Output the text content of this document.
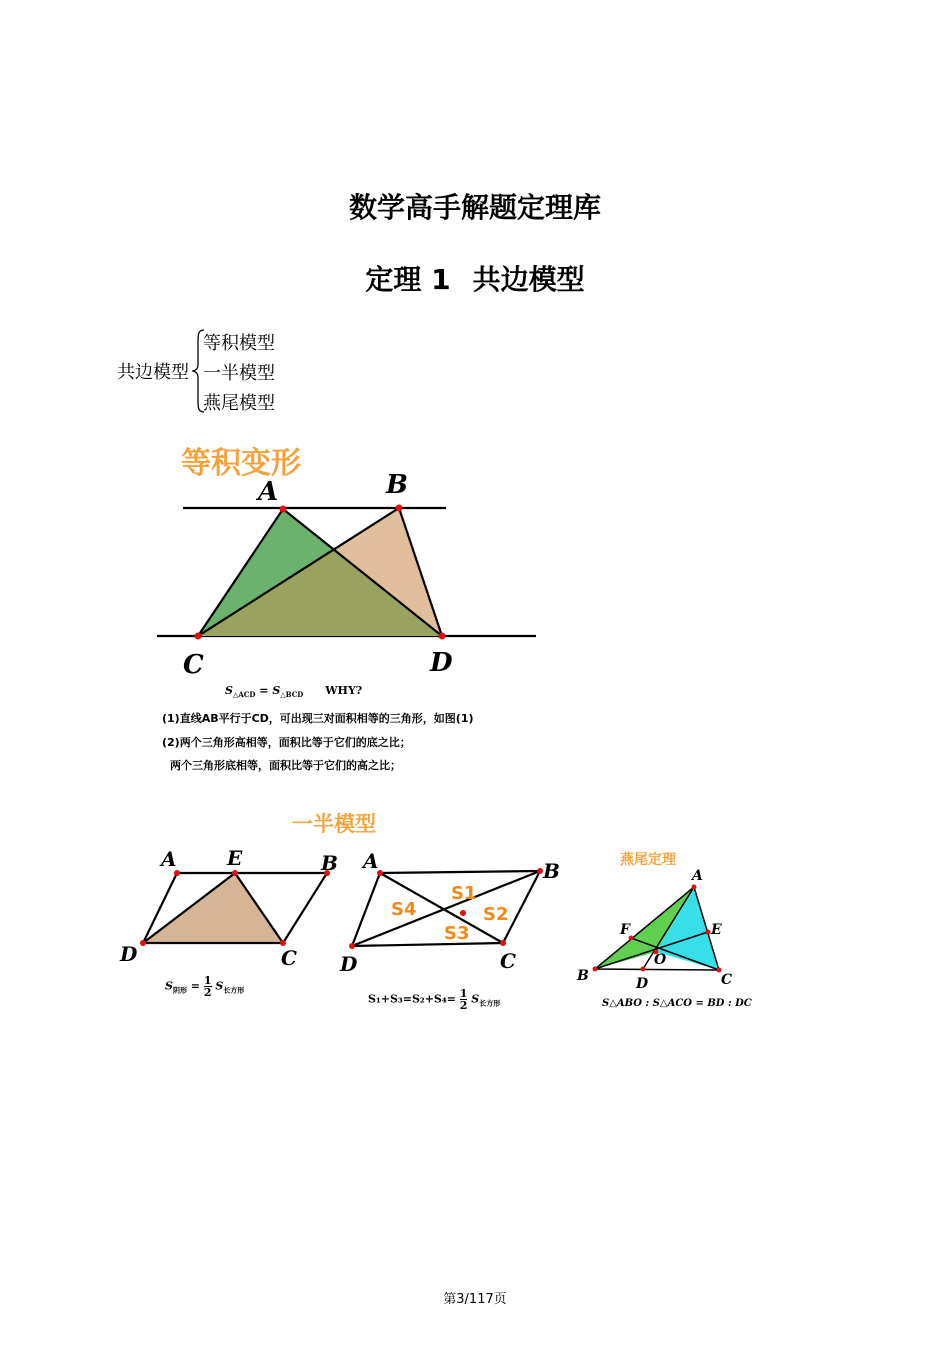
数学高手解题定理库
定理 1 共边模型
共边模型
等积模型
一半模型
燕尾模型
等积变形
A	B
C	D
$S_{\triangle ACD} = S_{\triangle BCD}$ WHY?
(1)直线AB平行于CD，可出现三对面积相等的三角形，如图(1)
(2)两个三角形高相等，面积比等于它们的底之比；
两个三角形底相等，面积比等于它们的高之比；
一半模型
A	E	B
D	C
$S_{阴形} = \frac{1}{2} S_{长方形}$
A	B
D	C
S1
S2
S3
S4
$S_1+S_3=S_2+S_4= \frac{1}{2} S_{长方形}$
燕尾定理
A
B	C
D
E
F
O
S△ABO : S△ACO = BD : DC
第3/117页
